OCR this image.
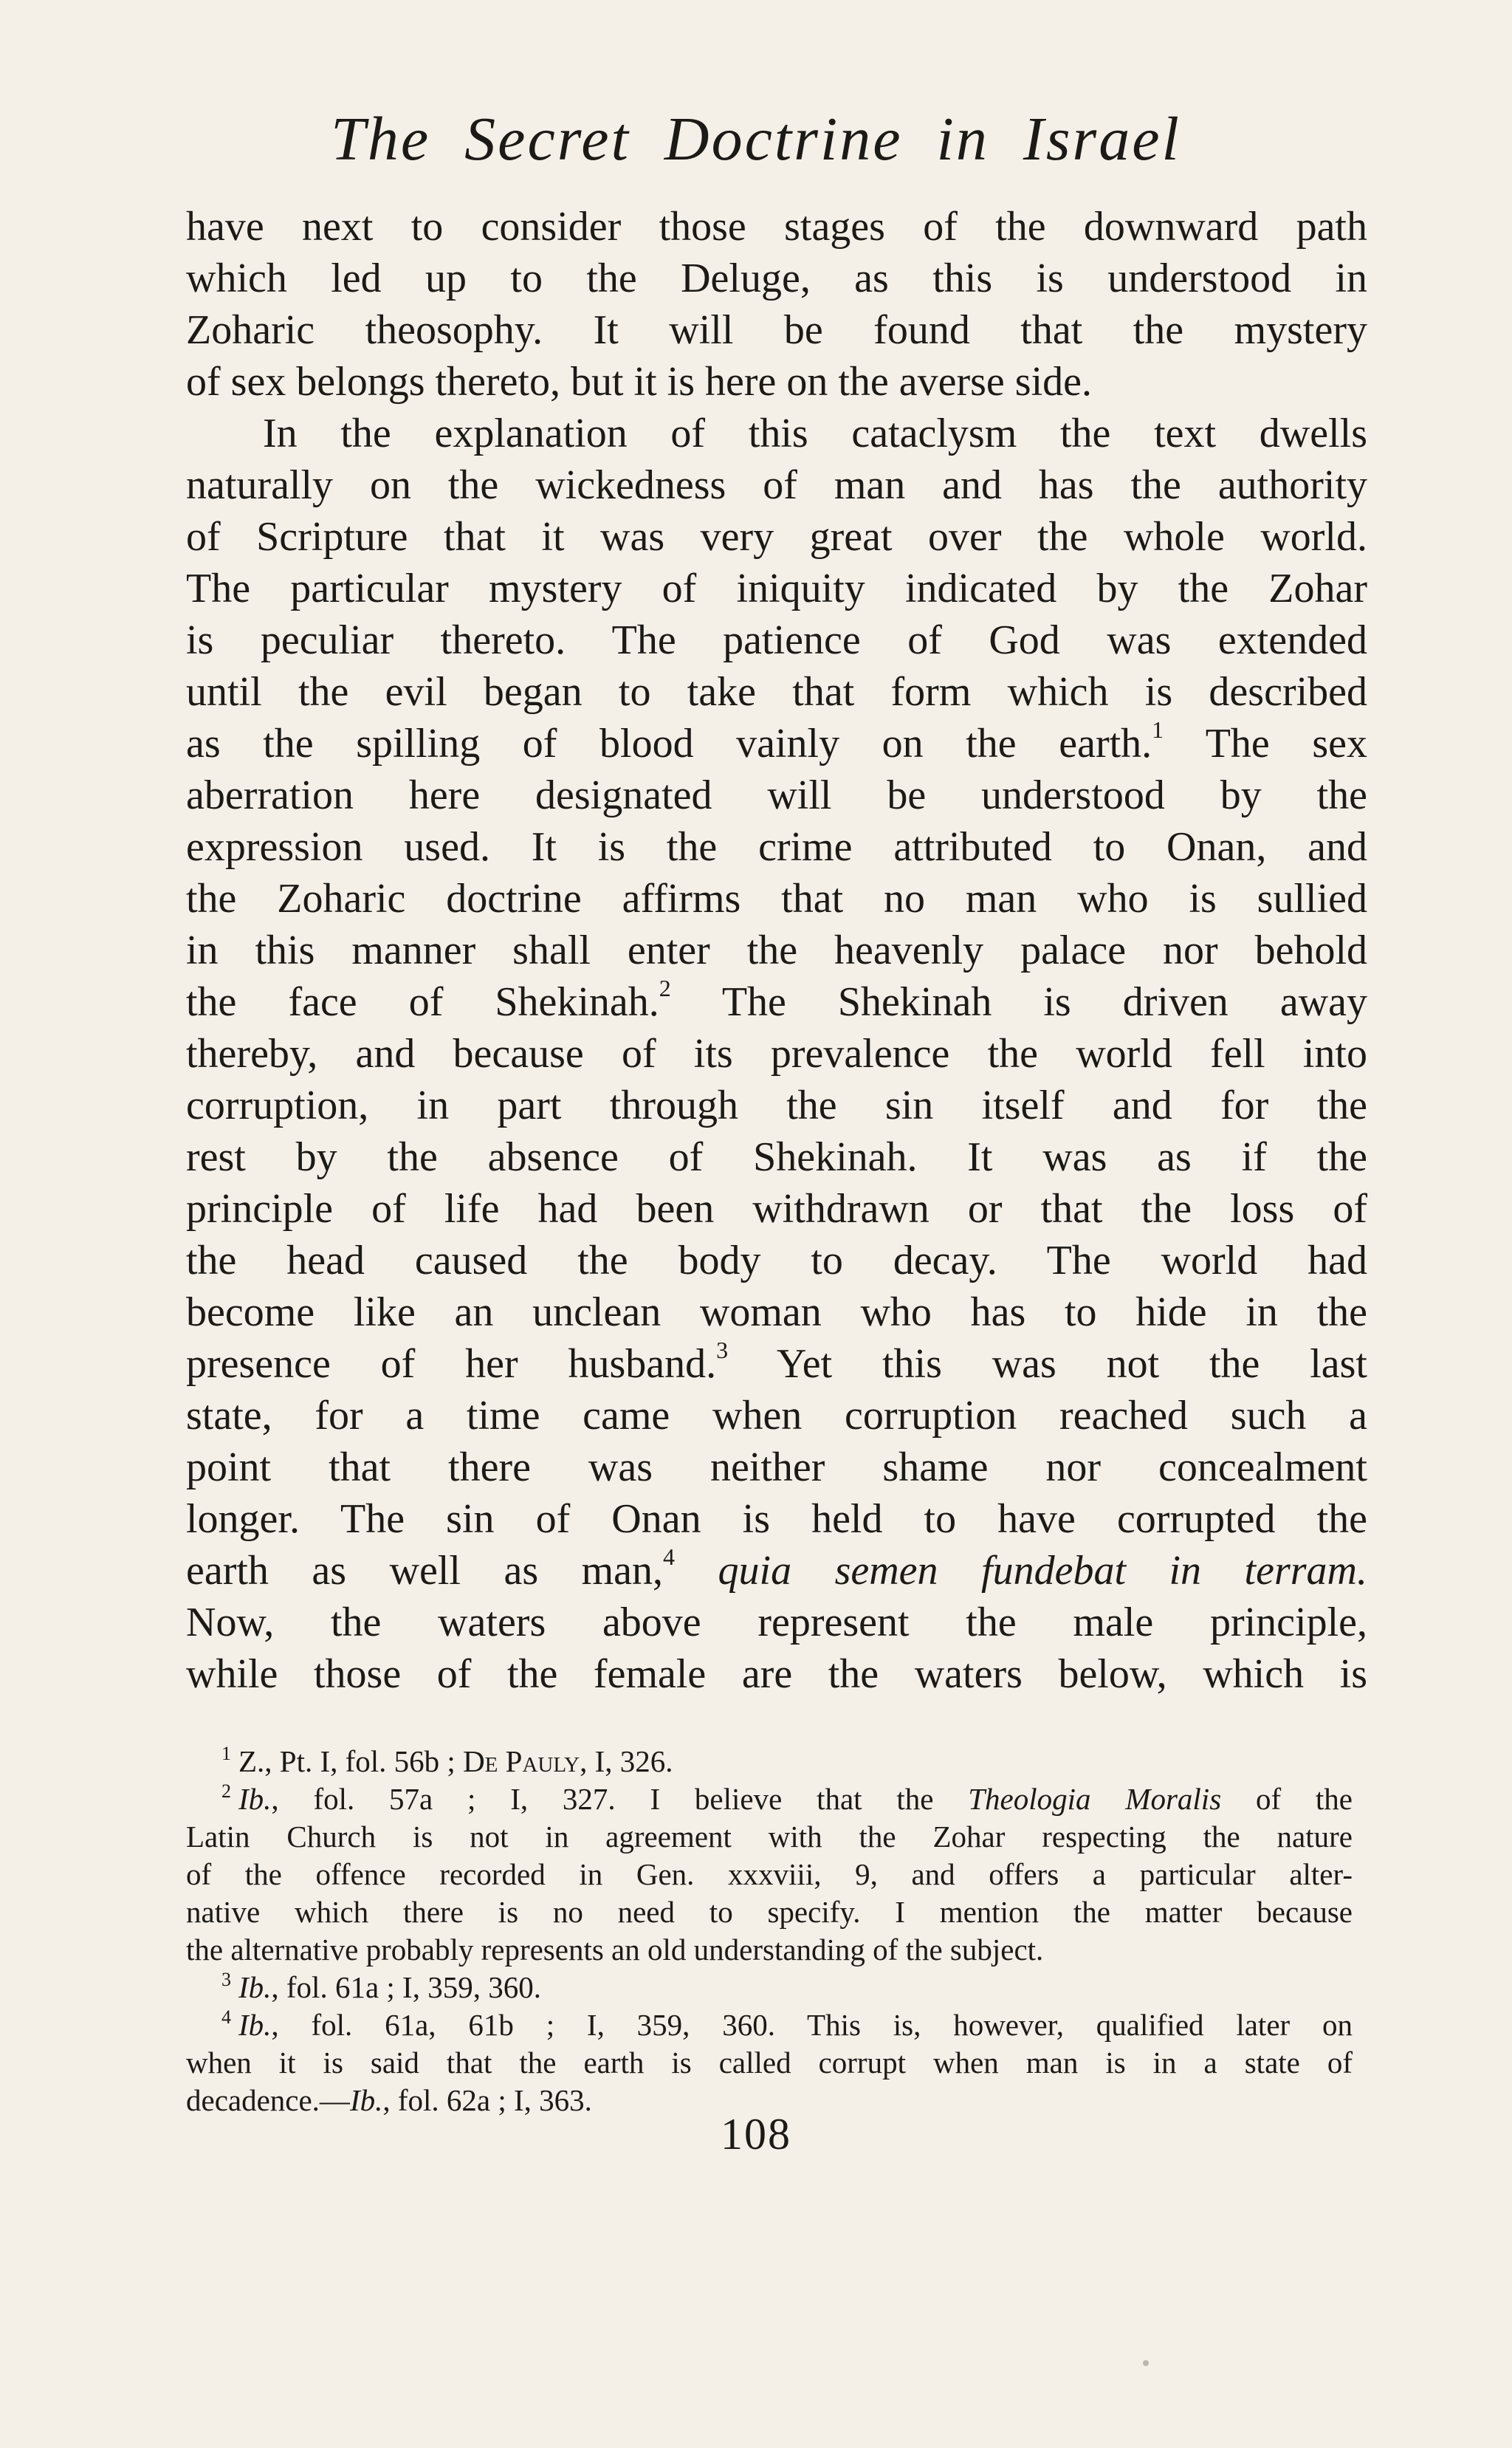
The Secret Doctrine in Israel
have next to consider those stages of the downward path
which led up to the Deluge, as this is understood in
Zoharic theosophy. It will be found that the mystery
of sex belongs thereto, but it is here on the averse side.
In the explanation of this cataclysm the text dwells
naturally on the wickedness of man and has the authority
of Scripture that it was very great over the whole world.
The particular mystery of iniquity indicated by the Zohar
is peculiar thereto. The patience of God was extended
until the evil began to take that form which is described
as the spilling of blood vainly on the earth.$^1$ The sex
aberration here designated will be understood by the
expression used. It is the crime attributed to Onan, and
the Zoharic doctrine affirms that no man who is sullied
in this manner shall enter the heavenly palace nor behold
the face of Shekinah.$^2$ The Shekinah is driven away
thereby, and because of its prevalence the world fell into
corruption, in part through the sin itself and for the
rest by the absence of Shekinah. It was as if the
principle of life had been withdrawn or that the loss of
the head caused the body to decay. The world had
become like an unclean woman who has to hide in the
presence of her husband.$^3$ Yet this was not the last
state, for a time came when corruption reached such a
point that there was neither shame nor concealment
longer. The sin of Onan is held to have corrupted the
earth as well as man,$^4$ quia semen fundebat in terram.
Now, the waters above represent the male principle,
while those of the female are the waters below, which is
$^1$ Z., Pt. I, fol. 56b ; De Pauly, I, 326.
$^2$ Ib., fol. 57a ; I, 327. I believe that the Theologia Moralis of the
Latin Church is not in agreement with the Zohar respecting the nature
of the offence recorded in Gen. xxxviii, 9, and offers a particular alter-
native which there is no need to specify. I mention the matter because
the alternative probably represents an old understanding of the subject.
$^3$ Ib., fol. 61a ; I, 359, 360.
$^4$ Ib., fol. 61a, 61b ; I, 359, 360. This is, however, qualified later on
when it is said that the earth is called corrupt when man is in a state of
decadence.—Ib., fol. 62a ; I, 363.
108
